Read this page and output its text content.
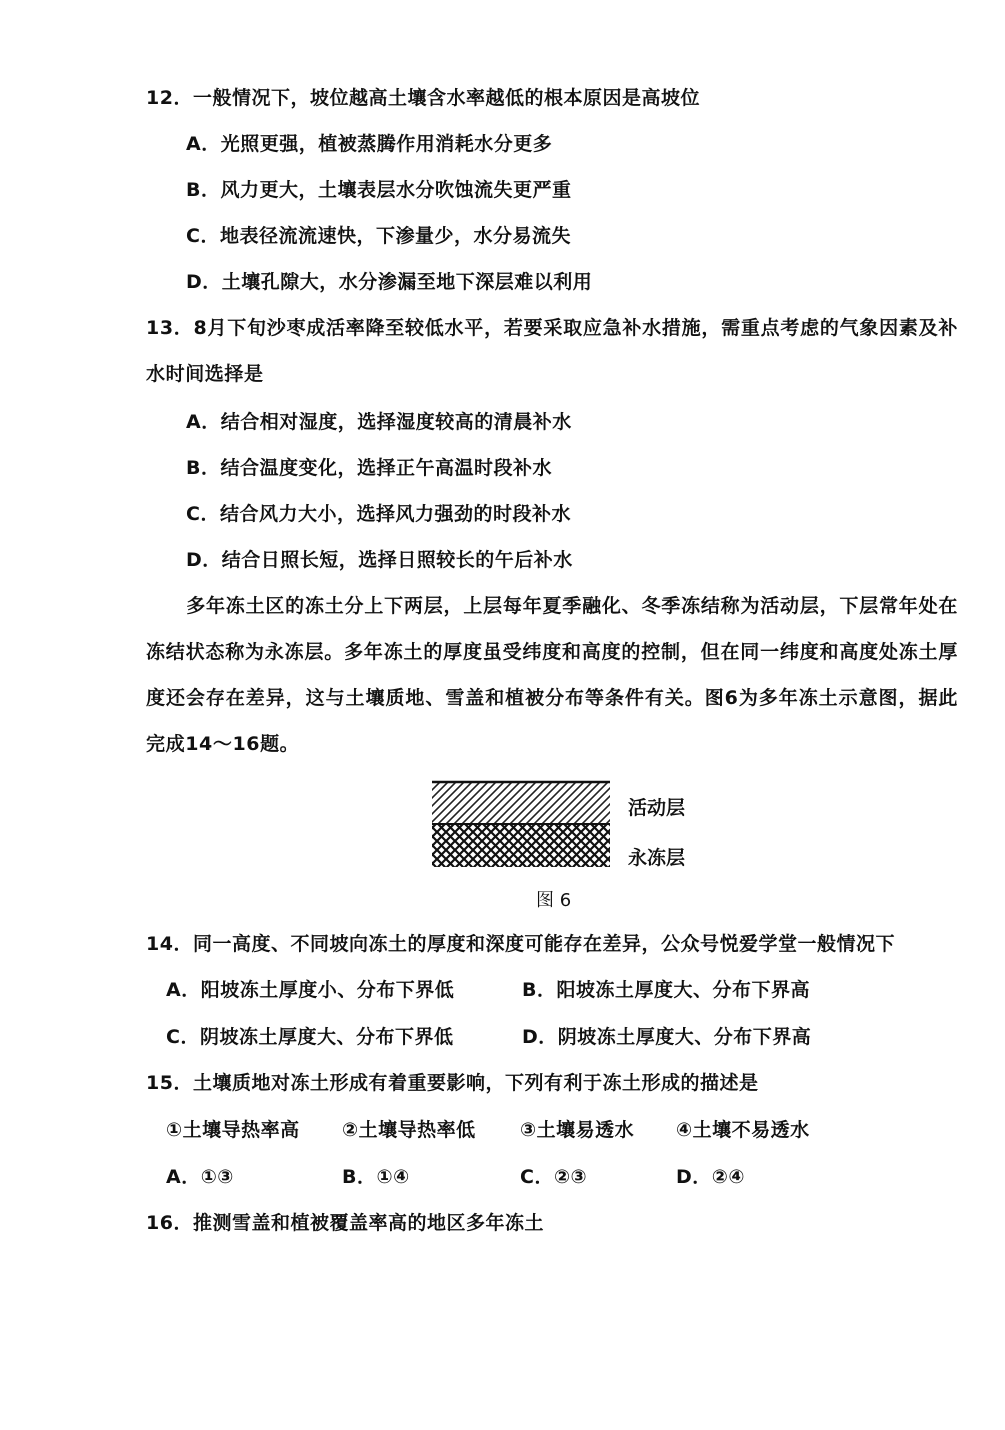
12．一般情况下，坡位越高土壤含水率越低的根本原因是高坡位
A．光照更强，植被蒸腾作用消耗水分更多
B．风力更大，土壤表层水分吹蚀流失更严重
C．地表径流流速快，下渗量少，水分易流失
D．土壤孔隙大，水分渗漏至地下深层难以利用
13．8月下旬沙枣成活率降至较低水平，若要采取应急补水措施，需重点考虑的气象因素及补水时间选择是
A．结合相对湿度，选择湿度较高的清晨补水
B．结合温度变化，选择正午高温时段补水
C．结合风力大小，选择风力强劲的时段补水
D．结合日照长短，选择日照较长的午后补水
多年冻土区的冻土分上下两层，上层每年夏季融化、冬季冻结称为活动层，下层常年处在冻结状态称为永冻层。多年冻土的厚度虽受纬度和高度的控制，但在同一纬度和高度处冻土厚度还会存在差异，这与土壤质地、雪盖和植被分布等条件有关。图6为多年冻土示意图，据此完成14～16题。
活动层
永冻层
图 6
14．同一高度、不同坡向冻土的厚度和深度可能存在差异，公众号悦爱学堂一般情况下
A．阳坡冻土厚度小、分布下界低	B．阳坡冻土厚度大、分布下界高
C．阴坡冻土厚度大、分布下界低	D．阴坡冻土厚度大、分布下界高
15．土壤质地对冻土形成有着重要影响，下列有利于冻土形成的描述是
①土壤导热率高 ②土壤导热率低 ③土壤易透水 ④土壤不易透水
A．①③	B．①④	C．②③	D．②④
16．推测雪盖和植被覆盖率高的地区多年冻土
